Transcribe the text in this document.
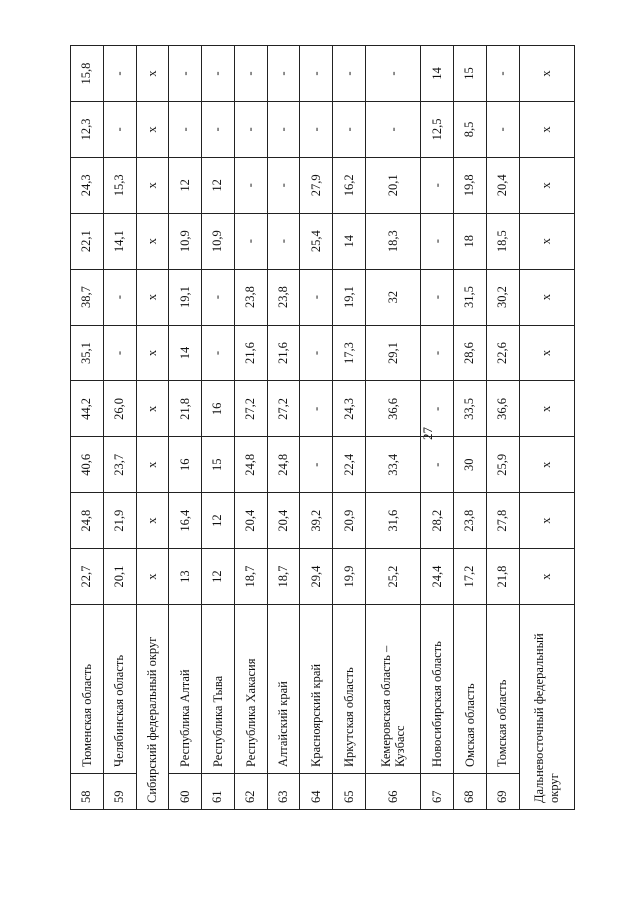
27
58	Тюменская область	22,7	24,8	40,6	44,2	35,1	38,7	22,1	24,3	12,3	15,8
59	Челябинская область	20,1	21,9	23,7	26,0	-	-	14,1	15,3	-	-
Сибирский федеральный округ		x	x	x	x	x	x	x	x	x	x
60	Республика Алтай	13	16,4	16	21,8	14	19,1	10,9	12	-	-
61	Республика Тыва	12	12	15	16	-	-	10,9	12	-	-
62	Республика Хакасия	18,7	20,4	24,8	27,2	21,6	23,8	-	-	-	-
63	Алтайский край	18,7	20,4	24,8	27,2	21,6	23,8	-	-	-	-
64	Красноярский край	29,4	39,2	-	-	-	-	25,4	27,9	-	-
65	Иркутская область	19,9	20,9	22,4	24,3	17,3	19,1	14	16,2	-	-
66	Кемеровская область – Кузбасс	25,2	31,6	33,4	36,6	29,1	32	18,3	20,1	-	-
67	Новосибирская область	24,4	28,2	-	-	-	-	-	-	12,5	14
68	Омская область	17,2	23,8	30	33,5	28,6	31,5	18	19,8	8,5	15
69	Томская область	21,8	27,8	25,9	36,6	22,6	30,2	18,5	20,4	-	-
Дальневосточный федеральный округ		x	x	x	x	x	x	x	x	x	x
